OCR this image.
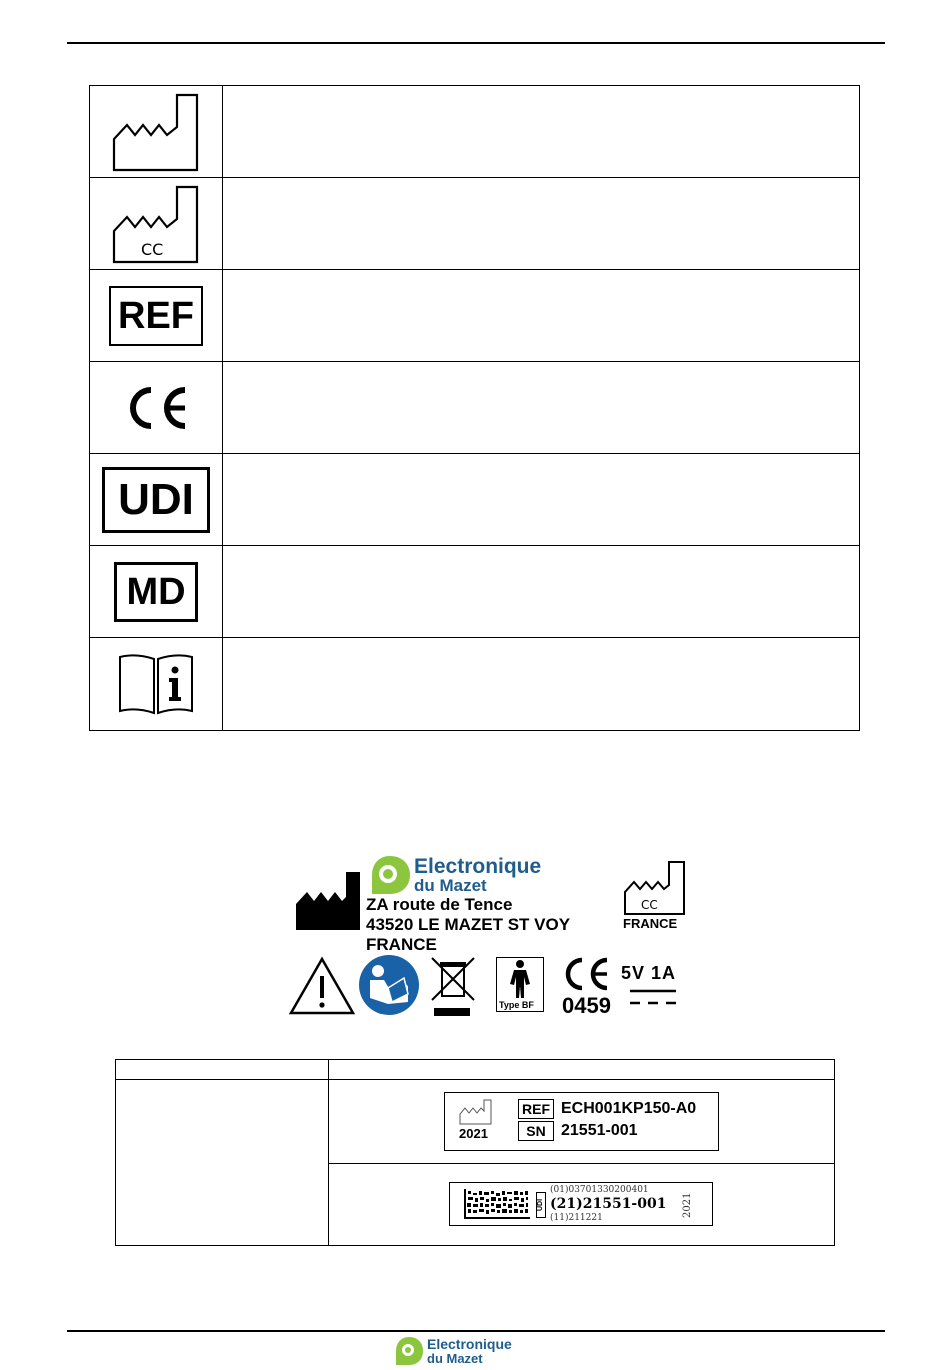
CC
REF
UDI
MD
Electronique
du Mazet
ZA route de Tence
43520 LE MAZET ST VOY
FRANCE
CC
FRANCE
Type BF 0459
5V 1A
2021
REF
SN
ECH001KP150-A0
21551-001
UDI
(01)03701330200401
(21)21551-001
(11)211221
2021
Electronique
du Mazet
